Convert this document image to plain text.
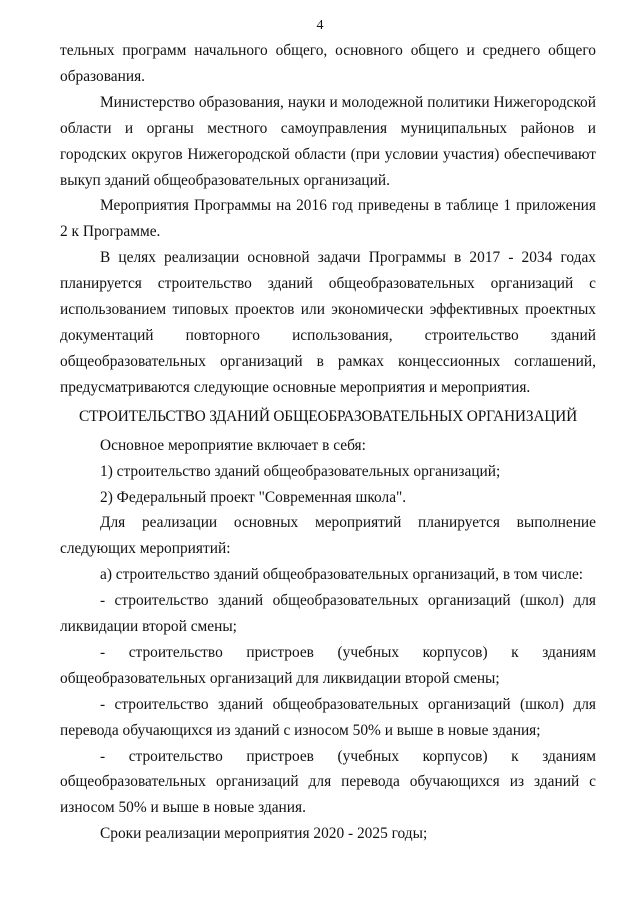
4

тельных программ начального общего, основного общего и среднего общего образования.

Министерство образования, науки и молодежной политики Нижегородской области и органы местного самоуправления муниципальных районов и городских округов Нижегородской области (при условии участия) обеспечивают выкуп зданий общеобразовательных организаций.

Мероприятия Программы на 2016 год приведены в таблице 1 приложения 2 к Программе.

В целях реализации основной задачи Программы в 2017 - 2034 годах планируется строительство зданий общеобразовательных организаций с использованием типовых проектов или экономически эффективных проектных документаций повторного использования, строительство зданий общеобразовательных организаций в рамках концессионных соглашений, предусматриваются следующие основные мероприятия и мероприятия.

СТРОИТЕЛЬСТВО ЗДАНИЙ ОБЩЕОБРАЗОВАТЕЛЬНЫХ ОРГАНИЗАЦИЙ

Основное мероприятие включает в себя:

1) строительство зданий общеобразовательных организаций;

2) Федеральный проект "Современная школа".

Для реализации основных мероприятий планируется выполнение следующих мероприятий:

а) строительство зданий общеобразовательных организаций, в том числе:

- строительство зданий общеобразовательных организаций (школ) для ликвидации второй смены;

- строительство пристроев (учебных корпусов) к зданиям общеобразовательных организаций для ликвидации второй смены;

- строительство зданий общеобразовательных организаций (школ) для перевода обучающихся из зданий с износом 50% и выше в новые здания;

- строительство пристроев (учебных корпусов) к зданиям общеобразовательных организаций для перевода обучающихся из зданий с износом 50% и выше в новые здания.

Сроки реализации мероприятия 2020 - 2025 годы;
